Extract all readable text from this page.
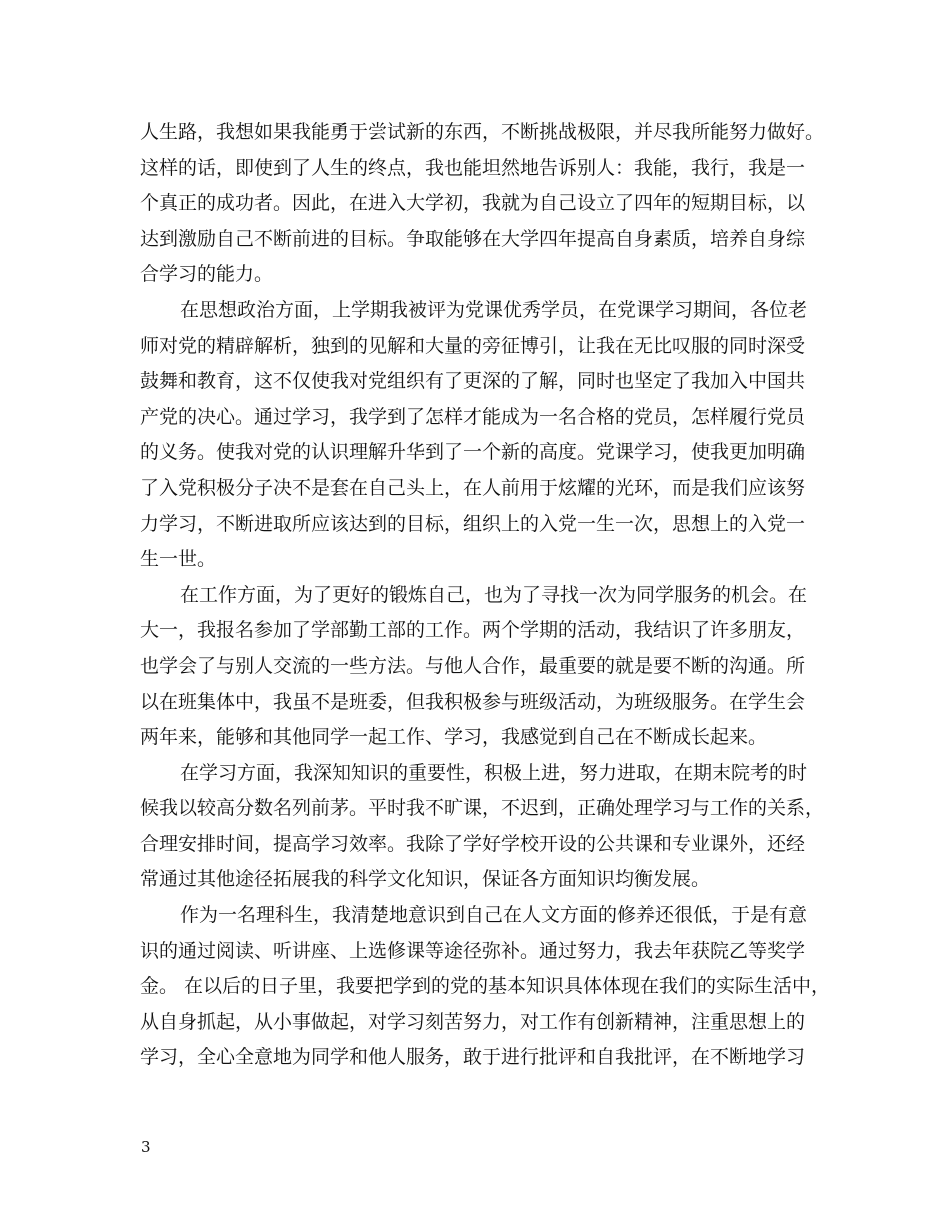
人生路，我想如果我能勇于尝试新的东西，不断挑战极限，并尽我所能努力做好。
这样的话，即使到了人生的终点，我也能坦然地告诉别人：我能，我行，我是一
个真正的成功者。因此，在进入大学初，我就为自己设立了四年的短期目标，以
达到激励自己不断前进的目标。争取能够在大学四年提高自身素质，培养自身综
合学习的能力。
在思想政治方面，上学期我被评为党课优秀学员，在党课学习期间，各位老
师对党的精辟解析，独到的见解和大量的旁征博引，让我在无比叹服的同时深受
鼓舞和教育，这不仅使我对党组织有了更深的了解，同时也坚定了我加入中国共
产党的决心。通过学习，我学到了怎样才能成为一名合格的党员，怎样履行党员
的义务。使我对党的认识理解升华到了一个新的高度。党课学习，使我更加明确
了入党积极分子决不是套在自己头上，在人前用于炫耀的光环，而是我们应该努
力学习，不断进取所应该达到的目标，组织上的入党一生一次，思想上的入党一
生一世。
在工作方面，为了更好的锻炼自己，也为了寻找一次为同学服务的机会。在
大一，我报名参加了学部勤工部的工作。两个学期的活动，我结识了许多朋友，
也学会了与别人交流的一些方法。与他人合作，最重要的就是要不断的沟通。所
以在班集体中，我虽不是班委，但我积极参与班级活动，为班级服务。在学生会
两年来，能够和其他同学一起工作、学习，我感觉到自己在不断成长起来。
在学习方面，我深知知识的重要性，积极上进，努力进取，在期末院考的时
候我以较高分数名列前茅。平时我不旷课，不迟到，正确处理学习与工作的关系，
合理安排时间，提高学习效率。我除了学好学校开设的公共课和专业课外，还经
常通过其他途径拓展我的科学文化知识，保证各方面知识均衡发展。
作为一名理科生，我清楚地意识到自己在人文方面的修养还很低，于是有意
识的通过阅读、听讲座、上选修课等途径弥补。通过努力，我去年获院乙等奖学
金。 在以后的日子里，我要把学到的党的基本知识具体体现在我们的实际生活中，
从自身抓起，从小事做起，对学习刻苦努力，对工作有创新精神，注重思想上的
学习，全心全意地为同学和他人服务，敢于进行批评和自我批评，在不断地学习
3
